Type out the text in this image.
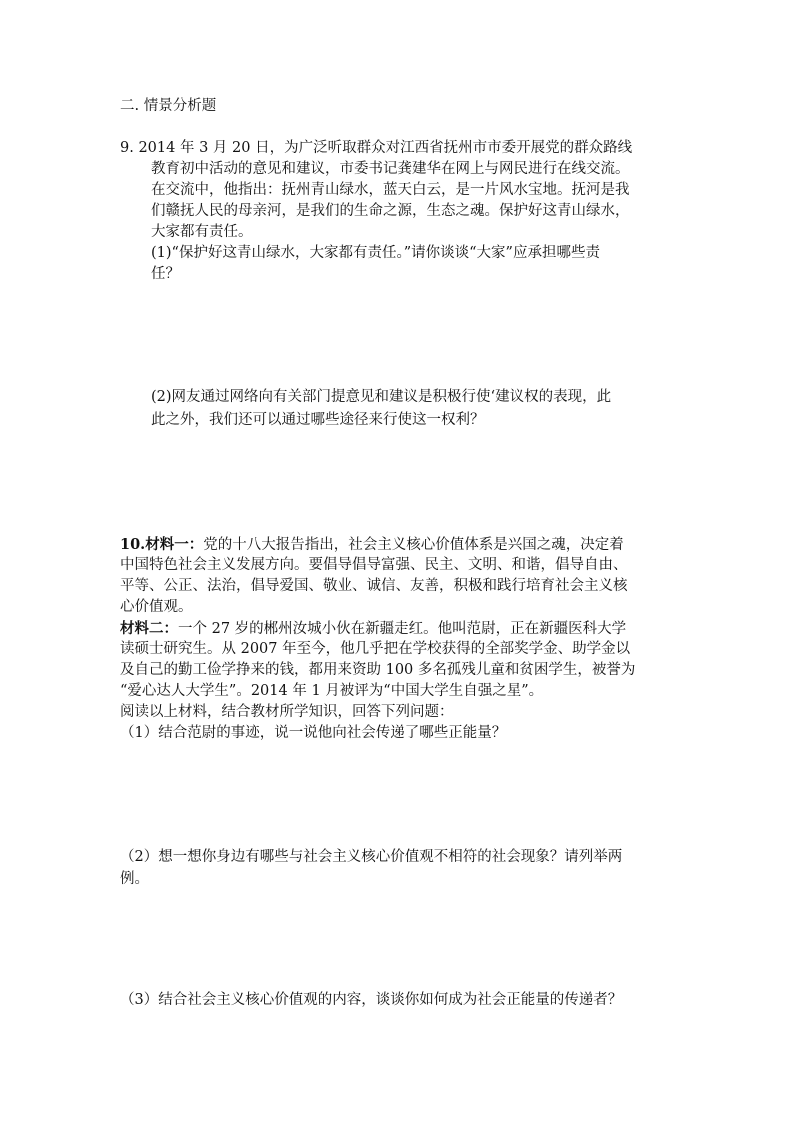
二. 情景分析题
9. 2014 年 3 月 20 日，为广泛听取群众对江西省抚州市市委开展党的群众路线
教育初中活动的意见和建议，市委书记龚建华在网上与网民进行在线交流。
在交流中，他指出：抚州青山绿水，蓝天白云，是一片风水宝地。抚河是我
们赣抚人民的母亲河，是我们的生命之源，生态之魂。保护好这青山绿水，
大家都有责任。
(1)“保护好这青山绿水，大家都有责任。”请你谈谈“大家”应承担哪些责
任？
(2)网友通过网络向有关部门提意见和建议是积极行使‘建议权的表现，此
此之外，我们还可以通过哪些途径来行使这一权利？
10.材料一：党的十八大报告指出，社会主义核心价值体系是兴国之魂，决定着
中国特色社会主义发展方向。要倡导倡导富强、民主、文明、和谐，倡导自由、
平等、公正、法治，倡导爱国、敬业、诚信、友善，积极和践行培育社会主义核
心价值观。
材料二：一个 27 岁的郴州汝城小伙在新疆走红。他叫范尉，正在新疆医科大学
读硕士研究生。从 2007 年至今，他几乎把在学校获得的全部奖学金、助学金以
及自己的勤工俭学挣来的钱，都用来资助 100 多名孤残儿童和贫困学生，被誉为
“爱心达人大学生”。2014 年 1 月被评为“中国大学生自强之星”。
阅读以上材料，结合教材所学知识，回答下列问题：
（1）结合范尉的事迹，说一说他向社会传递了哪些正能量？
（2）想一想你身边有哪些与社会主义核心价值观不相符的社会现象？请列举两
例。
（3）结合社会主义核心价值观的内容，谈谈你如何成为社会正能量的传递者？
